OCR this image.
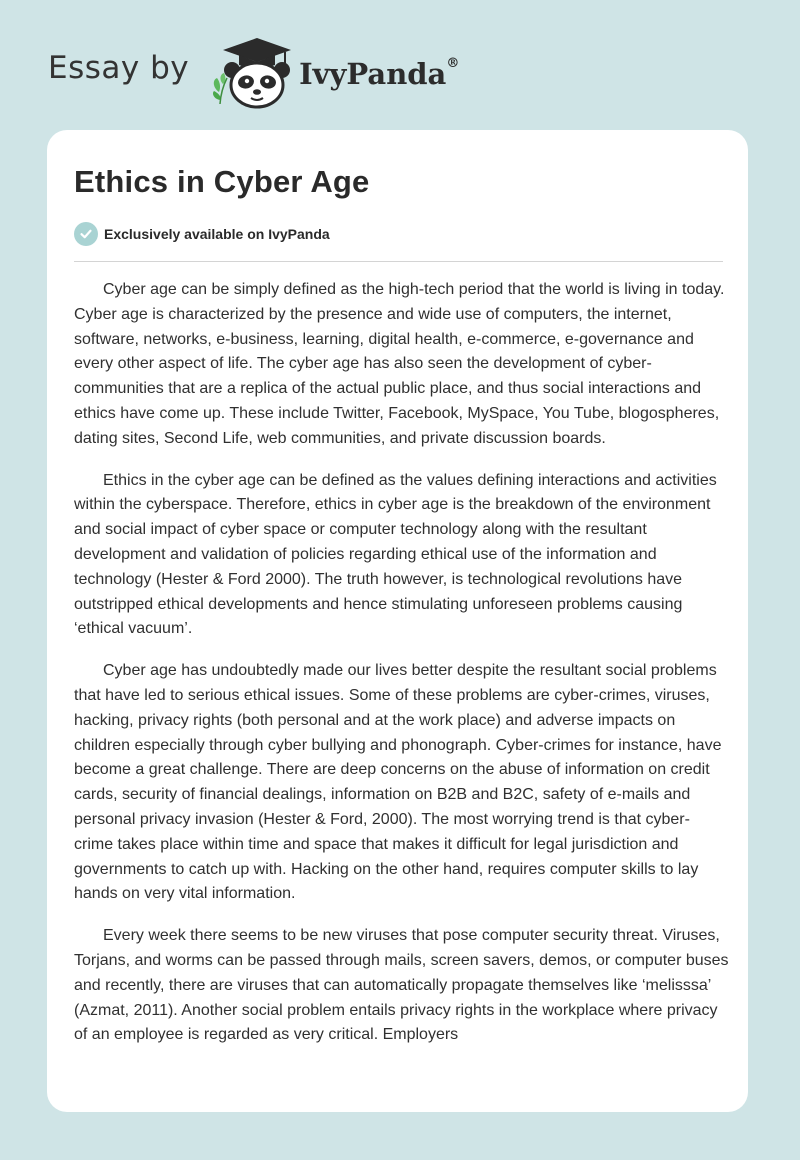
Essay by	IvyPanda®
Ethics in Cyber Age
Exclusively available on IvyPanda

Cyber age can be simply defined as the high-tech period that the world is living in today. Cyber age is characterized by the presence and wide use of computers, the internet, software, networks, e-business, learning, digital health, e-commerce, e-governance and every other aspect of life. The cyber age has also seen the development of cyber-communities that are a replica of the actual public place, and thus social interactions and ethics have come up. These include Twitter, Facebook, MySpace, You Tube, blogospheres, dating sites, Second Life, web communities, and private discussion boards.

Ethics in the cyber age can be defined as the values defining interactions and activities within the cyberspace. Therefore, ethics in cyber age is the breakdown of the environment and social impact of cyber space or computer technology along with the resultant development and validation of policies regarding ethical use of the information and technology (Hester & Ford 2000). The truth however, is technological revolutions have outstripped ethical developments and hence stimulating unforeseen problems causing ‘ethical vacuum’.

Cyber age has undoubtedly made our lives better despite the resultant social problems that have led to serious ethical issues. Some of these problems are cyber-crimes, viruses, hacking, privacy rights (both personal and at the work place) and adverse impacts on children especially through cyber bullying and phonograph. Cyber-crimes for instance, have become a great challenge. There are deep concerns on the abuse of information on credit cards, security of financial dealings, information on B2B and B2C, safety of e-mails and personal privacy invasion (Hester & Ford, 2000). The most worrying trend is that cyber-crime takes place within time and space that makes it difficult for legal jurisdiction and governments to catch up with. Hacking on the other hand, requires computer skills to lay hands on very vital information.

Every week there seems to be new viruses that pose computer security threat. Viruses, Torjans, and worms can be passed through mails, screen savers, demos, or computer buses and recently, there are viruses that can automatically propagate themselves like ‘melisssa’ (Azmat, 2011). Another social problem entails privacy rights in the workplace where privacy of an employee is regarded as very critical. Employers
